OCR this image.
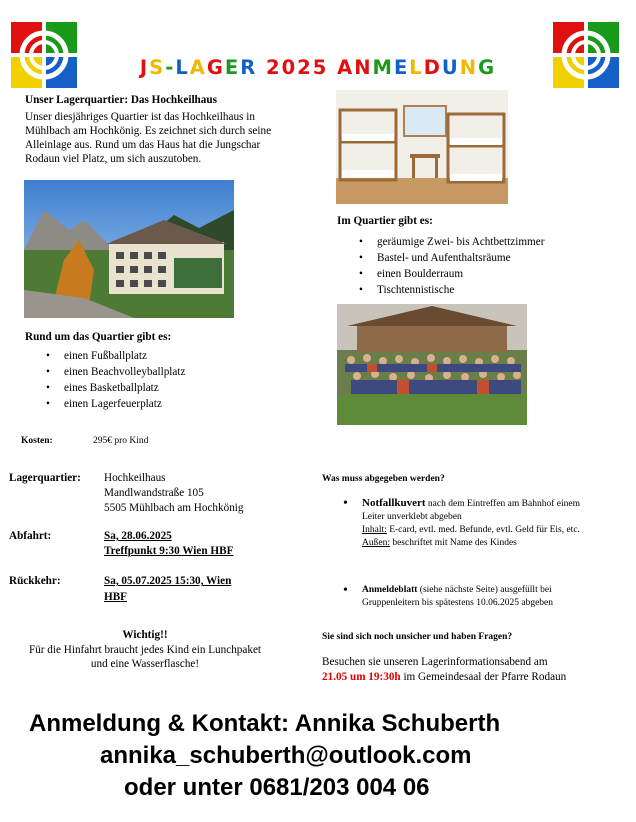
JS-LAGER 2025 ANMELDUNG
Unser Lagerquartier: Das Hochkeilhaus
Unser diesjähriges Quartier ist das Hochkeilhaus in Mühlbach am Hochkönig. Es zeichnet sich durch seine Alleinlage aus. Rund um das Haus hat die Jungschar Rodaun viel Platz, um sich auszutoben.
Rund um das Quartier gibt es:
• einen Fußballplatz
• einen Beachvolleyballplatz
• eines Basketballplatz
• einen Lagerfeuerplatz
Kosten:	295€ pro Kind
Im Quartier gibt es:
• geräumige Zwei- bis Achtbettzimmer
• Bastel- und Aufenthaltsräume
• einen Boulderraum
• Tischtennistische
Lagerquartier: Hochkeilhaus
Mandlwandstraße 105
5505 Mühlbach am Hochkönig
Abfahrt:	Sa, 28.06.2025
Treffpunkt 9:30 Wien HBF
Rückkehr:	Sa, 05.07.2025 15:30, Wien
HBF
Wichtig!!
Für die Hinfahrt braucht jedes Kind ein Lunchpaket
und eine Wasserflasche!
Was muss abgegeben werden?
• Notfallkuvert nach dem Eintreffen am Bahnhof einem Leiter unverklebt abgeben
Inhalt: E-card, evtl. med. Befunde, evtl. Geld für Eis, etc.
Außen: beschriftet mit Name des Kindes
• Anmeldeblatt (siehe nächste Seite) ausgefüllt bei Gruppenleitern bis spätestens 10.06.2025 abgeben
Sie sind sich noch unsicher und haben Fragen?
Besuchen sie unseren Lagerinformationsabend am
21.05 um 19:30h im Gemeindesaal der Pfarre Rodaun
Anmeldung & Kontakt: Annika Schuberth
annika_schuberth@outlook.com
oder unter 0681/203 004 06
